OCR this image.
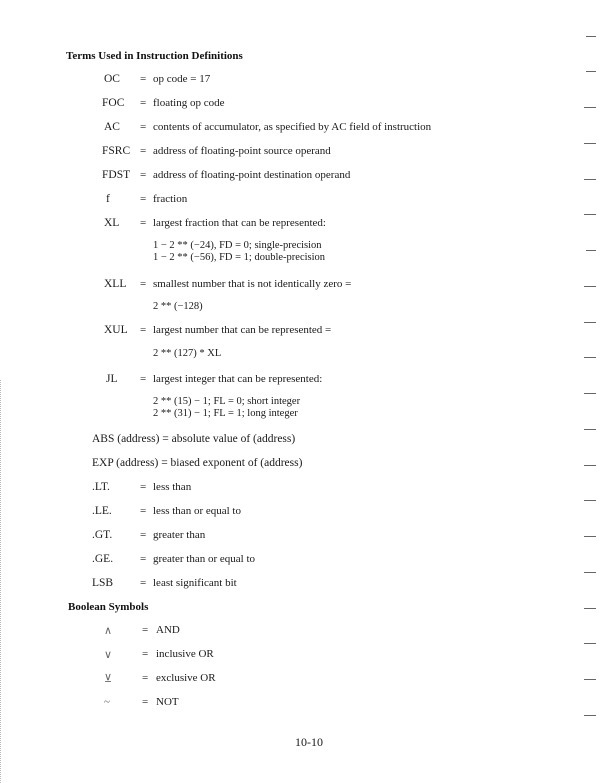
Terms Used in Instruction Definitions
OC = op code = 17
FOC = floating op code
AC = contents of accumulator, as specified by AC field of instruction
FSRC = address of floating-point source operand
FDST = address of floating-point destination operand
f	= fraction
XL = largest fraction that can be represented:
1 − 2 ** (−24), FD = 0; single-precision
1 − 2 ** (−56), FD = 1; double-precision
XLL = smallest number that is not identically zero =
2 ** (−128)
XUL = largest number that can be represented =
2 ** (127) * XL
JL = largest integer that can be represented:
2 ** (15) − 1; FL = 0; short integer
2 ** (31) − 1; FL = 1; long integer
ABS (address) = absolute value of (address)
EXP (address) = biased exponent of (address)
.LT.	= less than
.LE.	= less than or equal to
.GT.	= greater than
.GE. = greater than or equal to
LSB = least significant bit
Boolean Symbols
∧	= AND
∨	= inclusive OR
⊻	= exclusive OR
~	= NOT
10-10
